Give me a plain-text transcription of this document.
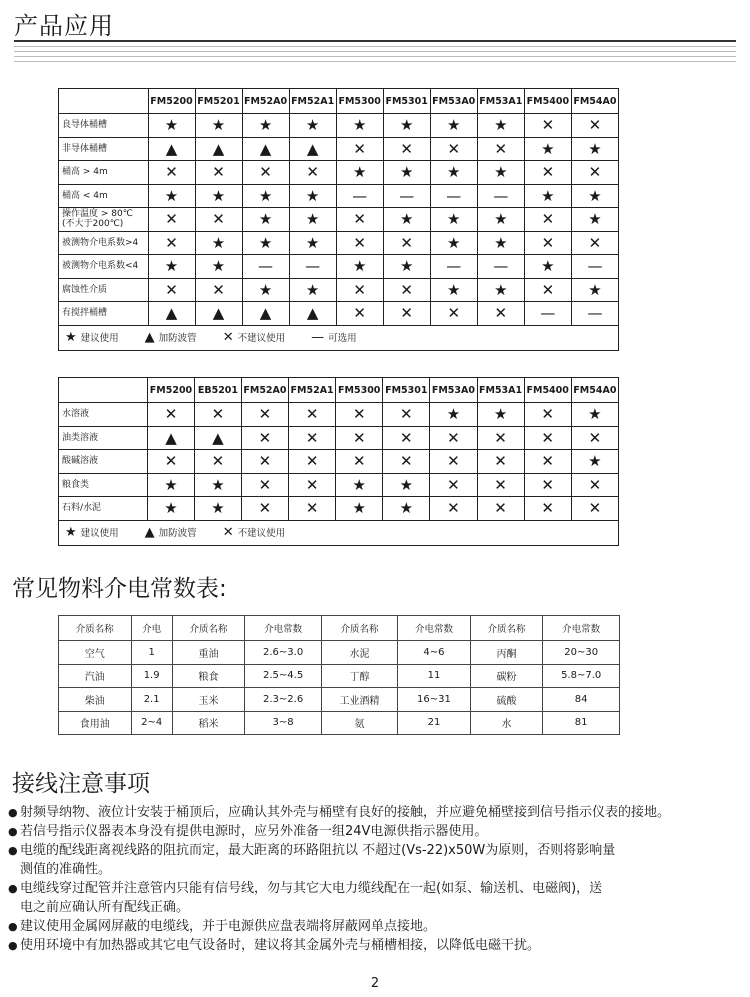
产品应用
	FM5200	FM5201	FM52A0	FM52A1	FM5300	FM5301	FM53A0	FM53A1	FM5400	FM54A0
良导体桶槽	★	★	★	★	★	★	★	★	✕	✕
非导体桶槽	▲	▲	▲	▲	✕	✕	✕	✕	★	★
桶高 > 4m	✕	✕	✕	✕	★	★	★	★	✕	✕
桶高 < 4m	★	★	★	★	—	—	—	—	★	★
操作温度 > 80℃
(不大于200℃)	✕	✕	★	★	✕	★	★	★	✕	★
被测物介电系数>4	✕	★	★	★	✕	✕	★	★	✕	✕
被测物介电系数<4	★	★	—	—	★	★	—	—	★	—
腐蚀性介质	✕	✕	★	★	✕	✕	★	★	✕	★
有搅拌桶槽	▲	▲	▲	▲	✕	✕	✕	✕	—	—
★ 建议使用 ▲ 加防波管 ✕ 不建议使用 — 可选用										
	FM5200	EB5201	FM52A0	FM52A1	FM5300	FM5301	FM53A0	FM53A1	FM5400	FM54A0
水溶液	✕	✕	✕	✕	✕	✕	★	★	✕	★
油类溶液	▲	▲	✕	✕	✕	✕	✕	✕	✕	✕
酸碱溶液	✕	✕	✕	✕	✕	✕	✕	✕	✕	★
粮食类	★	★	✕	✕	★	★	✕	✕	✕	✕
石料/水泥	★	★	✕	✕	★	★	✕	✕	✕	✕
★ 建议使用 ▲ 加防波管 ✕ 不建议使用										
常见物料介电常数表:
介质名称	介电	介质名称	介电常数	介质名称	介电常数	介质名称	介电常数
空气	1	重油	2.6~3.0	水泥	4~6	丙酮	20~30
汽油	1.9	粮食	2.5~4.5	丁醇	11	碳粉	5.8~7.0
柴油	2.1	玉米	2.3~2.6	工业酒精	16~31	硫酸	84
食用油	2~4	稻米	3~8	氨	21	水	81
接线注意事项
● 射频导纳物、液位计安装于桶顶后，应确认其外壳与桶壁有良好的接触，并应避免桶壁接到信号指示仪表的接地。
● 若信号指示仪器表本身没有提供电源时，应另外准备一组24V电源供指示器使用。
● 电缆的配线距离视线路的阻抗而定，最大距离的环路阻抗以 不超过(Vs-22)x50W为原则，否则将影响量
测值的准确性。
● 电缆线穿过配管并注意管内只能有信号线，勿与其它大电力缆线配在一起(如泵、输送机、电磁阀)，送
电之前应确认所有配线正确。
● 建议使用金属网屏蔽的电缆线，并于电源供应盘表端将屏蔽网单点接地。
● 使用环境中有加热器或其它电气设备时，建议将其金属外壳与桶槽相接，以降低电磁干扰。
2
